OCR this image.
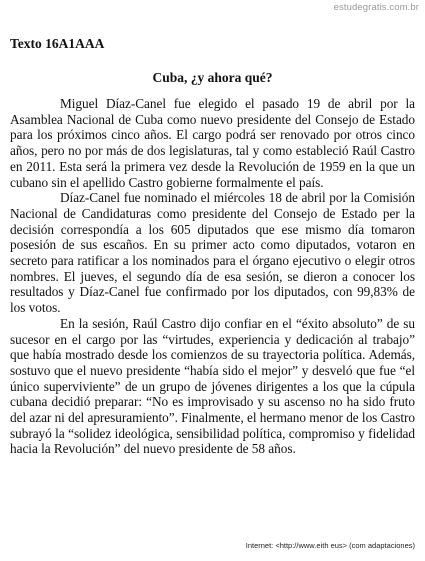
estudegratis.com.br
Texto 16A1AAA
Cuba, ¿y ahora qué?

Miguel Díaz-Canel fue elegido el pasado 19 de abril por la Asamblea Nacional de Cuba como nuevo presidente del Consejo de Estado para los próximos cinco años. El cargo podrá ser renovado por otros cinco años, pero no por más de dos legislaturas, tal y como estableció Raúl Castro en 2011. Esta será la primera vez desde la Revolución de 1959 en la que un cubano sin el apellido Castro gobierne formalmente el país.

Díaz-Canel fue nominado el miércoles 18 de abril por la Comisión Nacional de Candidaturas como presidente del Consejo de Estado per la decisión correspondía a los 605 diputados que ese mismo día tomaron posesión de sus escaños. En su primer acto como diputados, votaron en secreto para ratificar a los nominados para el órgano ejecutivo o elegir otros nombres. El jueves, el segundo día de esa sesión, se dieron a conocer los resultados y Díaz-Canel fue confirmado por los diputados, con 99,83% de los votos.

En la sesión, Raúl Castro dijo confiar en el “éxito absoluto” de su sucesor en el cargo por las “virtudes, experiencia y dedicación al trabajo” que había mostrado desde los comienzos de su trayectoria política. Además, sostuvo que el nuevo presidente “había sido el mejor” y desveló que fue “el único superviviente” de un grupo de jóvenes dirigentes a los que la cúpula cubana decidió preparar: “No es improvisado y su ascenso no ha sido fruto del azar ni del apresuramiento”. Finalmente, el hermano menor de los Castro subrayó la “solidez ideológica, sensibilidad política, compromiso y fidelidad hacia la Revolución” del nuevo presidente de 58 años.

Internet: <http://www.eith eus> (com adaptaciones)
